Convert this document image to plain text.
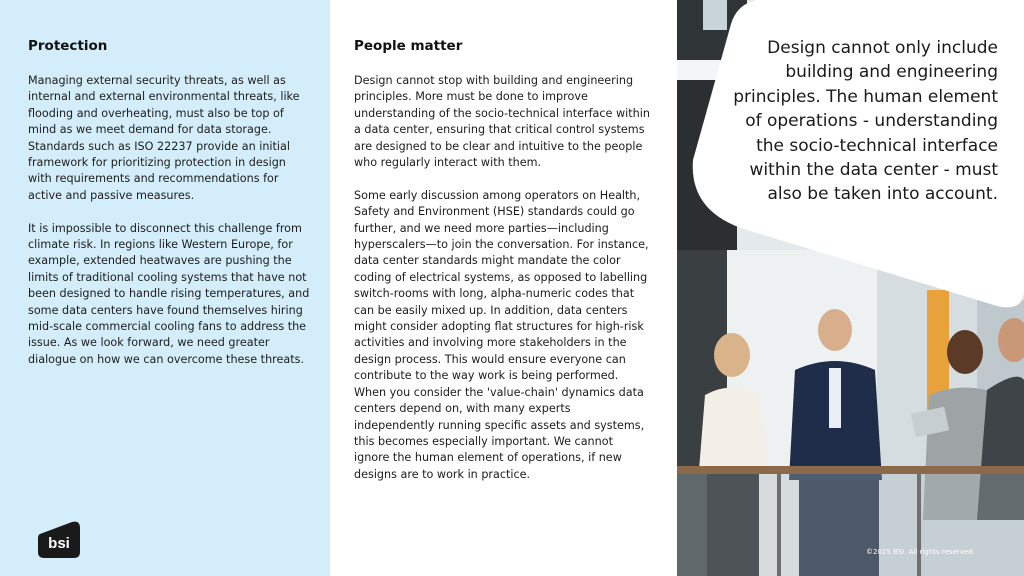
Protection

Managing external security threats, as well as internal and external environmental threats, like flooding and overheating, must also be top of mind as we meet demand for data storage. Standards such as ISO 22237 provide an initial framework for prioritizing protection in design with requirements and recommendations for active and passive measures.

It is impossible to disconnect this challenge from climate risk. In regions like Western Europe, for example, extended heatwaves are pushing the limits of traditional cooling systems that have not been designed to handle rising temperatures, and some data centers have found themselves hiring mid-scale commercial cooling fans to address the issue. As we look forward, we need greater dialogue on how we can overcome these threats.

People matter

Design cannot stop with building and engineering principles. More must be done to improve understanding of the socio-technical interface within a data center, ensuring that critical control systems are designed to be clear and intuitive to the people who regularly interact with them.

Some early discussion among operators on Health, Safety and Environment (HSE) standards could go further, and we need more parties—including hyperscalers—to join the conversation. For instance, data center standards might mandate the color coding of electrical systems, as opposed to labelling switch-rooms with long, alpha-numeric codes that can be easily mixed up. In addition, data centers might consider adopting flat structures for high-risk activities and involving more stakeholders in the design process. This would ensure everyone can contribute to the way work is being performed. When you consider the 'value-chain' dynamics data centers depend on, with many experts independently running specific assets and systems, this becomes especially important. We cannot ignore the human element of operations, if new designs are to work in practice.

bsi
Design cannot only include building and engineering principles. The human element of operations - understanding the socio-technical interface within the data center - must also be taken into account.
©2025 BSI. All rights reserved.
